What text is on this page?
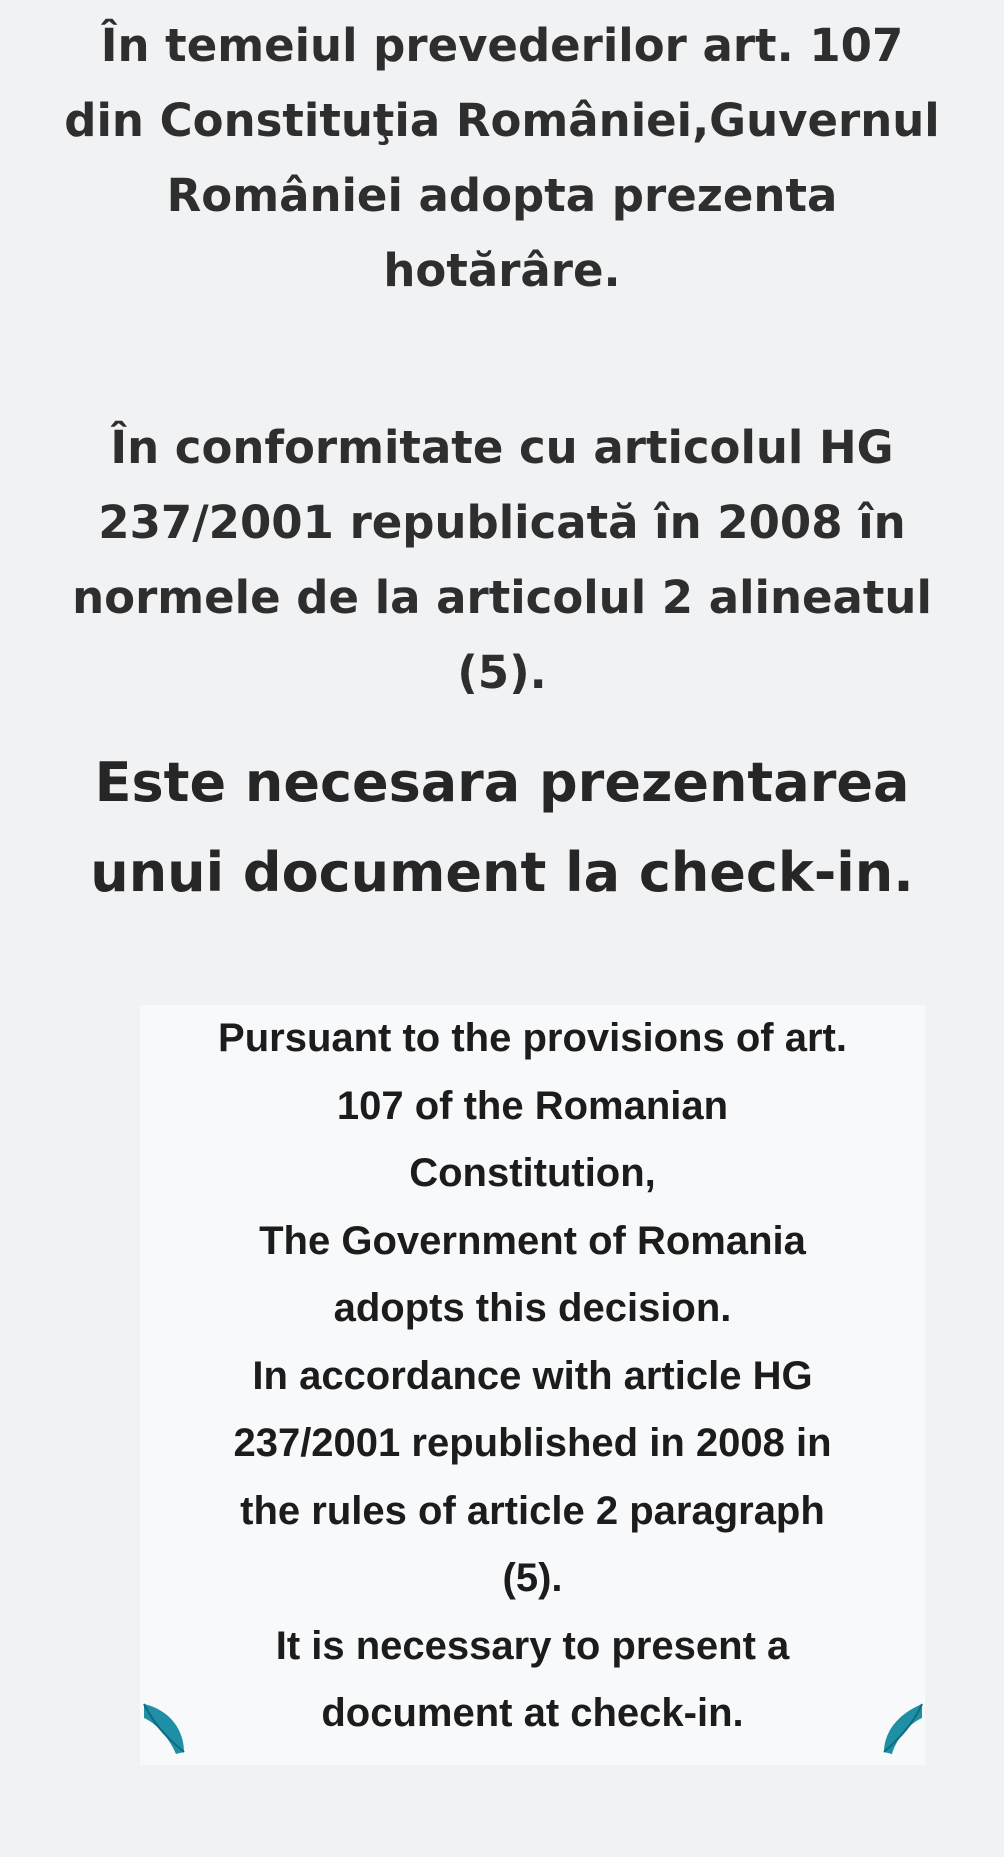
În temeiul prevederilor art. 107
din Constituţia României,Guvernul
României adopta prezenta
hotărâre.
În conformitate cu articolul HG
237/2001 republicată în 2008 în
normele de la articolul 2 alineatul
(5).
Este necesara prezentarea
unui document la check-in.
Pursuant to the provisions of art.
107 of the Romanian
Constitution,
The Government of Romania
adopts this decision.
In accordance with article HG
237/2001 republished in 2008 in
the rules of article 2 paragraph
(5).
It is necessary to present a
document at check-in.
